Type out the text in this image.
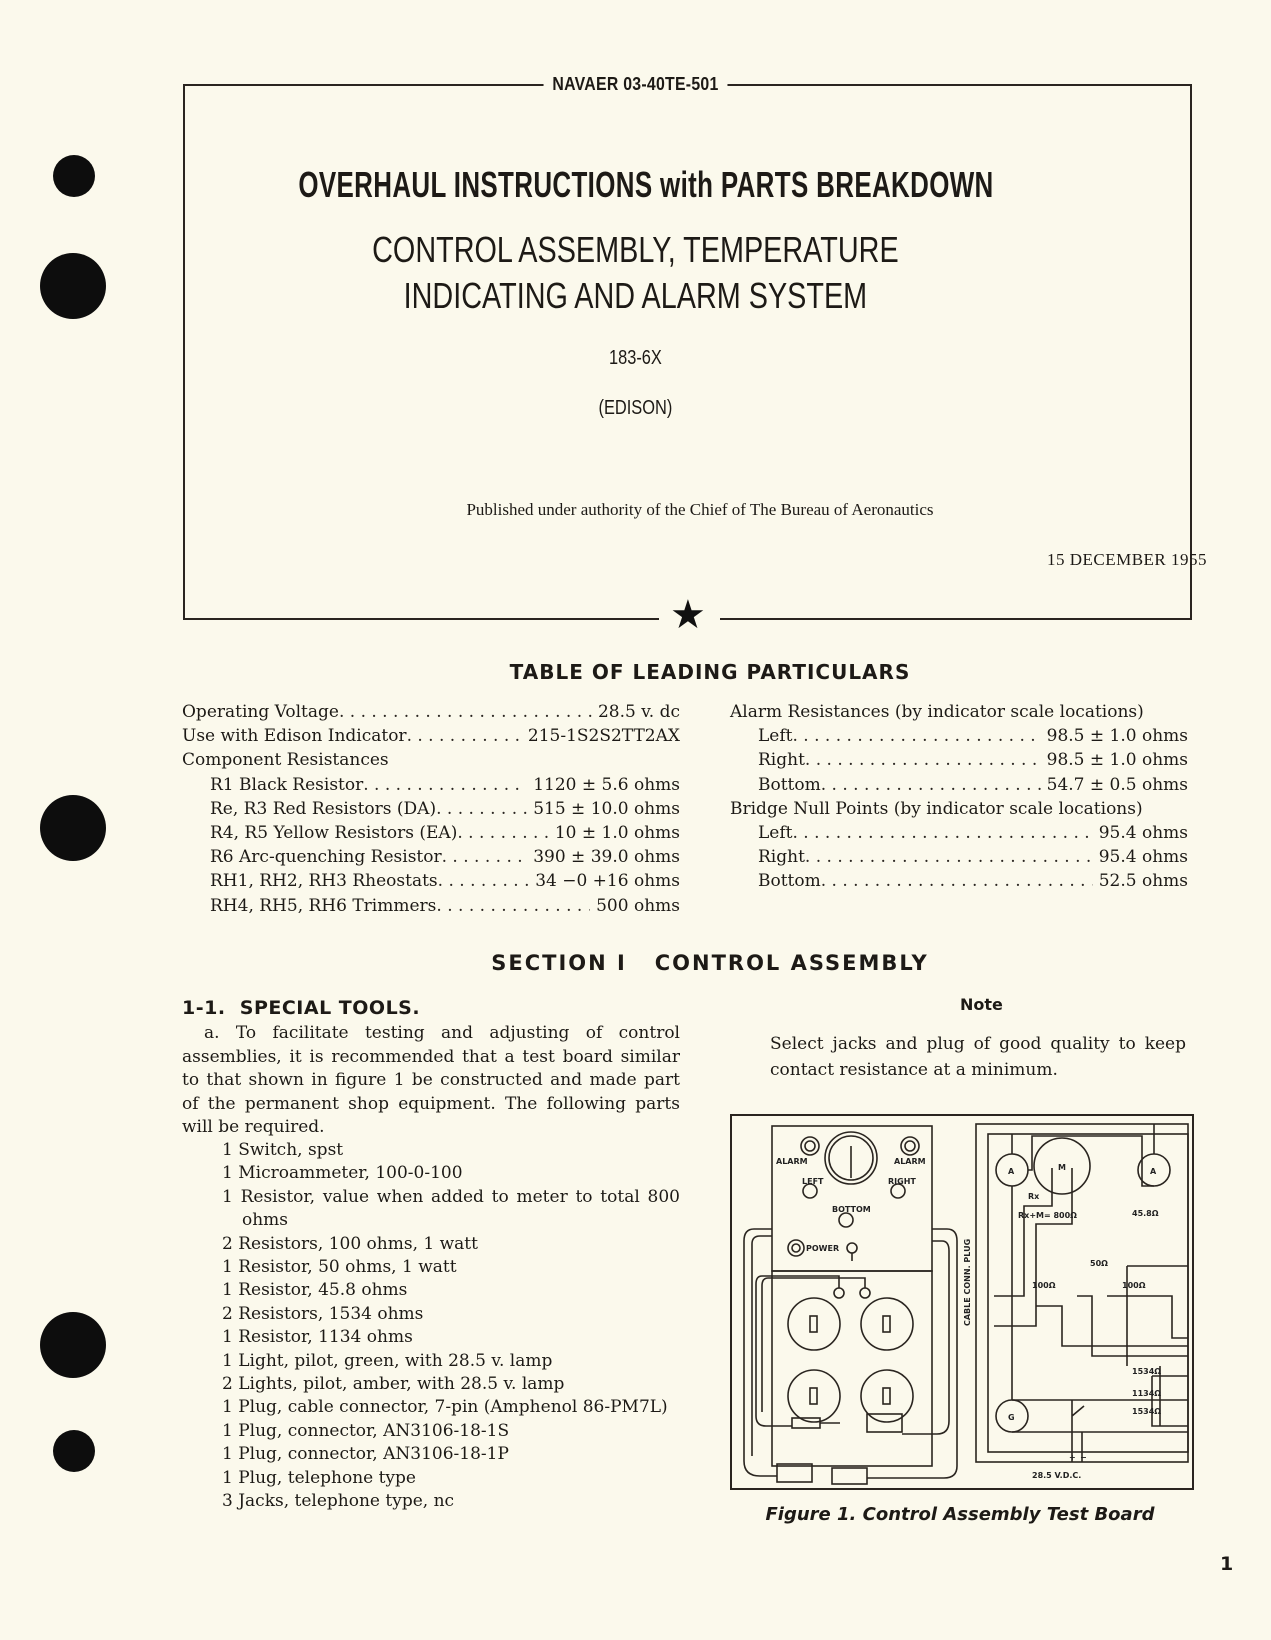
NAVAER 03-40TE-501
OVERHAUL INSTRUCTIONS with PARTS BREAKDOWN
CONTROL ASSEMBLY, TEMPERATURE
INDICATING AND ALARM SYSTEM
183-6X
(EDISON)
Published under authority of the Chief of The Bureau of Aeronautics
15 DECEMBER 1955
★
TABLE OF LEADING PARTICULARS
Operating Voltage . . .	28.5 v. dc
Use with Edison Indicator . . .	215-1S2S2TT2AX
Component Resistances
R1 Black Resistor . . .	1120 ± 5.6 ohms
Re, R3 Red Resistors (DA) . . .	515 ± 10.0 ohms
R4, R5 Yellow Resistors (EA) . . .	10 ± 1.0 ohms
R6 Arc-quenching Resistor . . .	390 ± 39.0 ohms
RH1, RH2, RH3 Rheostats . . .	34 −0 +16 ohms
RH4, RH5, RH6 Trimmers . . .	500 ohms
Alarm Resistances (by indicator scale locations)
Left . . .	98.5 ± 1.0 ohms
Right . . .	98.5 ± 1.0 ohms
Bottom . . .	54.7 ± 0.5 ohms
Bridge Null Points (by indicator scale locations)
Left . . .	95.4 ohms
Right . . .	95.4 ohms
Bottom . . .	52.5 ohms
SECTION I   CONTROL ASSEMBLY
1-1.  SPECIAL TOOLS.

a. To facilitate testing and adjusting of control assemblies, it is recommended that a test board similar to that shown in figure 1 be constructed and made part of the permanent shop equipment. The following parts will be required.

1 Switch, spst
1 Microammeter, 100-0-100
1 Resistor, value when added to meter to total 800 ohms
2 Resistors, 100 ohms, 1 watt
1 Resistor, 50 ohms, 1 watt
1 Resistor, 45.8 ohms
2 Resistors, 1534 ohms
1 Resistor, 1134 ohms
1 Light, pilot, green, with 28.5 v. lamp
2 Lights, pilot, amber, with 28.5 v. lamp
1 Plug, cable connector, 7-pin (Amphenol 86-PM7L)
1 Plug, connector, AN3106-18-1S
1 Plug, connector, AN3106-18-1P
1 Plug, telephone type
3 Jacks, telephone type, nc
Note
Select jacks and plug of good quality to keep contact resistance at a minimum.
ALARM	ALARM
LEFT	RIGHT
BOTTOM
POWER
A	M	A
G
Rx
Rx+M= 800Ω	45.8Ω
100Ω	100Ω
50Ω
1534Ω
1134Ω
1534Ω
28.5 V.D.C.
+ −
CABLE CONN. PLUG
Figure 1. Control Assembly Test Board
1
